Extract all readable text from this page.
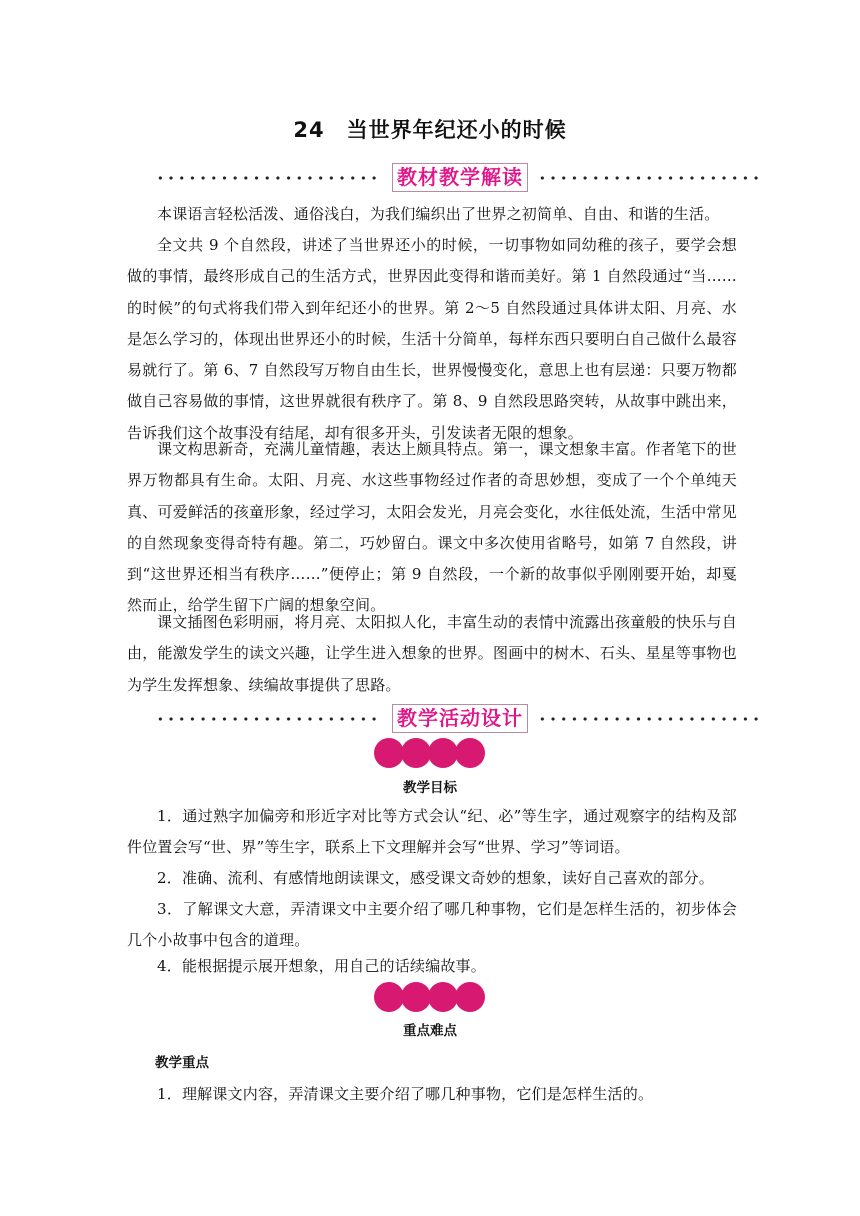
24　当世界年纪还小的时候
教材教学解读

本课语言轻松活泼、通俗浅白，为我们编织出了世界之初简单、自由、和谐的生活。

全文共 9 个自然段，讲述了当世界还小的时候，一切事物如同幼稚的孩子，要学会想做的事情，最终形成自己的生活方式，世界因此变得和谐而美好。第 1 自然段通过“当……的时候”的句式将我们带入到年纪还小的世界。第 2～5 自然段通过具体讲太阳、月亮、水是怎么学习的，体现出世界还小的时候，生活十分简单，每样东西只要明白自己做什么最容易就行了。第 6、7 自然段写万物自由生长，世界慢慢变化，意思上也有层递：只要万物都做自己容易做的事情，这世界就很有秩序了。第 8、9 自然段思路突转，从故事中跳出来，告诉我们这个故事没有结尾，却有很多开头，引发读者无限的想象。

课文构思新奇，充满儿童情趣，表达上颇具特点。第一，课文想象丰富。作者笔下的世界万物都具有生命。太阳、月亮、水这些事物经过作者的奇思妙想，变成了一个个单纯天真、可爱鲜活的孩童形象，经过学习，太阳会发光，月亮会变化，水往低处流，生活中常见的自然现象变得奇特有趣。第二，巧妙留白。课文中多次使用省略号，如第 7 自然段，讲到“这世界还相当有秩序……”便停止；第 9 自然段，一个新的故事似乎刚刚要开始，却戛然而止，给学生留下广阔的想象空间。

课文插图色彩明丽，将月亮、太阳拟人化，丰富生动的表情中流露出孩童般的快乐与自由，能激发学生的读文兴趣，让学生进入想象的世界。图画中的树木、石头、星星等事物也为学生发挥想象、续编故事提供了思路。

教学活动设计
教学目标

1．通过熟字加偏旁和形近字对比等方式会认“纪、必”等生字，通过观察字的结构及部件位置会写“世、界”等生字，联系上下文理解并会写“世界、学习”等词语。

2．准确、流利、有感情地朗读课文，感受课文奇妙的想象，读好自己喜欢的部分。

3．了解课文大意，弄清课文中主要介绍了哪几种事物，它们是怎样生活的，初步体会几个小故事中包含的道理。

4．能根据提示展开想象，用自己的话续编故事。

重点难点
教学重点

1．理解课文内容，弄清课文主要介绍了哪几种事物，它们是怎样生活的。
